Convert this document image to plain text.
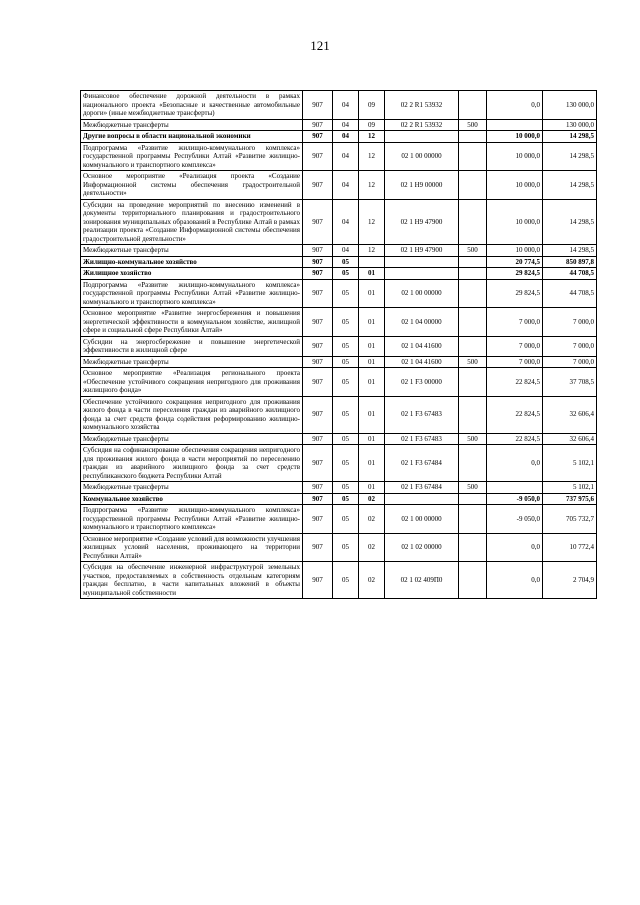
121
Финансовое обеспечение дорожной деятельности в рамках национального проекта «Безопасные и качественные автомобильные дороги» (иные межбюджетные трансферты)	907	04	09	02 2 R1 53932		0,0	130 000,0
Межбюджетные трансферты	907	04	09	02 2 R1 53932	500		130 000,0
Другие вопросы в области национальной экономики	907	04	12			10 000,0	14 298,5
Подпрограмма «Развитие жилищно-коммунального комплекса» государственной программы Республики Алтай «Развитие жилищно-коммунального и транспортного комплекса»	907	04	12	02 1 00 00000		10 000,0	14 298,5
Основное мероприятие «Реализация проекта «Создание Информационной системы обеспечения градостроительной деятельности»	907	04	12	02 1 Н9 00000		10 000,0	14 298,5
Субсидии на проведение мероприятий по внесению изменений в документы территориального планирования и градостроительного зонирования муниципальных образований в Республике Алтай в рамках реализации проекта «Создание Информационной системы обеспечения градостроительной деятельности»	907	04	12	02 1 Н9 47900		10 000,0	14 298,5
Межбюджетные трансферты	907	04	12	02 1 Н9 47900	500	10 000,0	14 298,5
Жилищно-коммунальное хозяйство	907	05				20 774,5	850 897,8
Жилищное хозяйство	907	05	01			29 824,5	44 708,5
Подпрограмма «Развитие жилищно-коммунального комплекса» государственной программы Республики Алтай «Развитие жилищно-коммунального и транспортного комплекса»	907	05	01	02 1 00 00000		29 824,5	44 708,5
Основное мероприятие «Развитие энергосбережения и повышения энергетической эффективности в коммунальном хозяйстве, жилищной сфере и социальной сфере Республики Алтай»	907	05	01	02 1 04 00000		7 000,0	7 000,0
Субсидии на энергосбережение и повышение энергетической эффективности в жилищной сфере	907	05	01	02 1 04 41600		7 000,0	7 000,0
Межбюджетные трансферты	907	05	01	02 1 04 41600	500	7 000,0	7 000,0
Основное мероприятие «Реализация регионального проекта «Обеспечение устойчивого сокращения непригодного для проживания жилищного фонда»	907	05	01	02 1 F3 00000		22 824,5	37 708,5
Обеспечение устойчивого сокращения непригодного для проживания жилого фонда в части переселения граждан из аварийного жилищного фонда за счет средств фонда содействия реформированию жилищно-коммунального хозяйства	907	05	01	02 1 F3 67483		22 824,5	32 606,4
Межбюджетные трансферты	907	05	01	02 1 F3 67483	500	22 824,5	32 606,4
Субсидия на софинансирование обеспечения сокращения непригодного для проживания жилого фонда в части мероприятий по переселению граждан из аварийного жилищного фонда за счет средств республиканского бюджета Республики Алтай	907	05	01	02 1 F3 67484		0,0	5 102,1
Межбюджетные трансферты	907	05	01	02 1 F3 67484	500		5 102,1
Коммунальное хозяйство	907	05	02			-9 050,0	737 975,6
Подпрограмма «Развитие жилищно-коммунального комплекса» государственной программы Республики Алтай «Развитие жилищно-коммунального и транспортного комплекса»	907	05	02	02 1 00 00000		-9 050,0	705 732,7
Основное мероприятие «Создание условий для возможности улучшения жилищных условий населения, проживающего на территории Республики Алтай»	907	05	02	02 1 02 00000		0,0	10 772,4
Субсидия на обеспечение инженерной инфраструктурой земельных участков, предоставляемых в собственность отдельным категориям граждан бесплатно, в части капитальных вложений в объекты муниципальной собственности	907	05	02	02 1 02 409П0		0,0	2 704,9
